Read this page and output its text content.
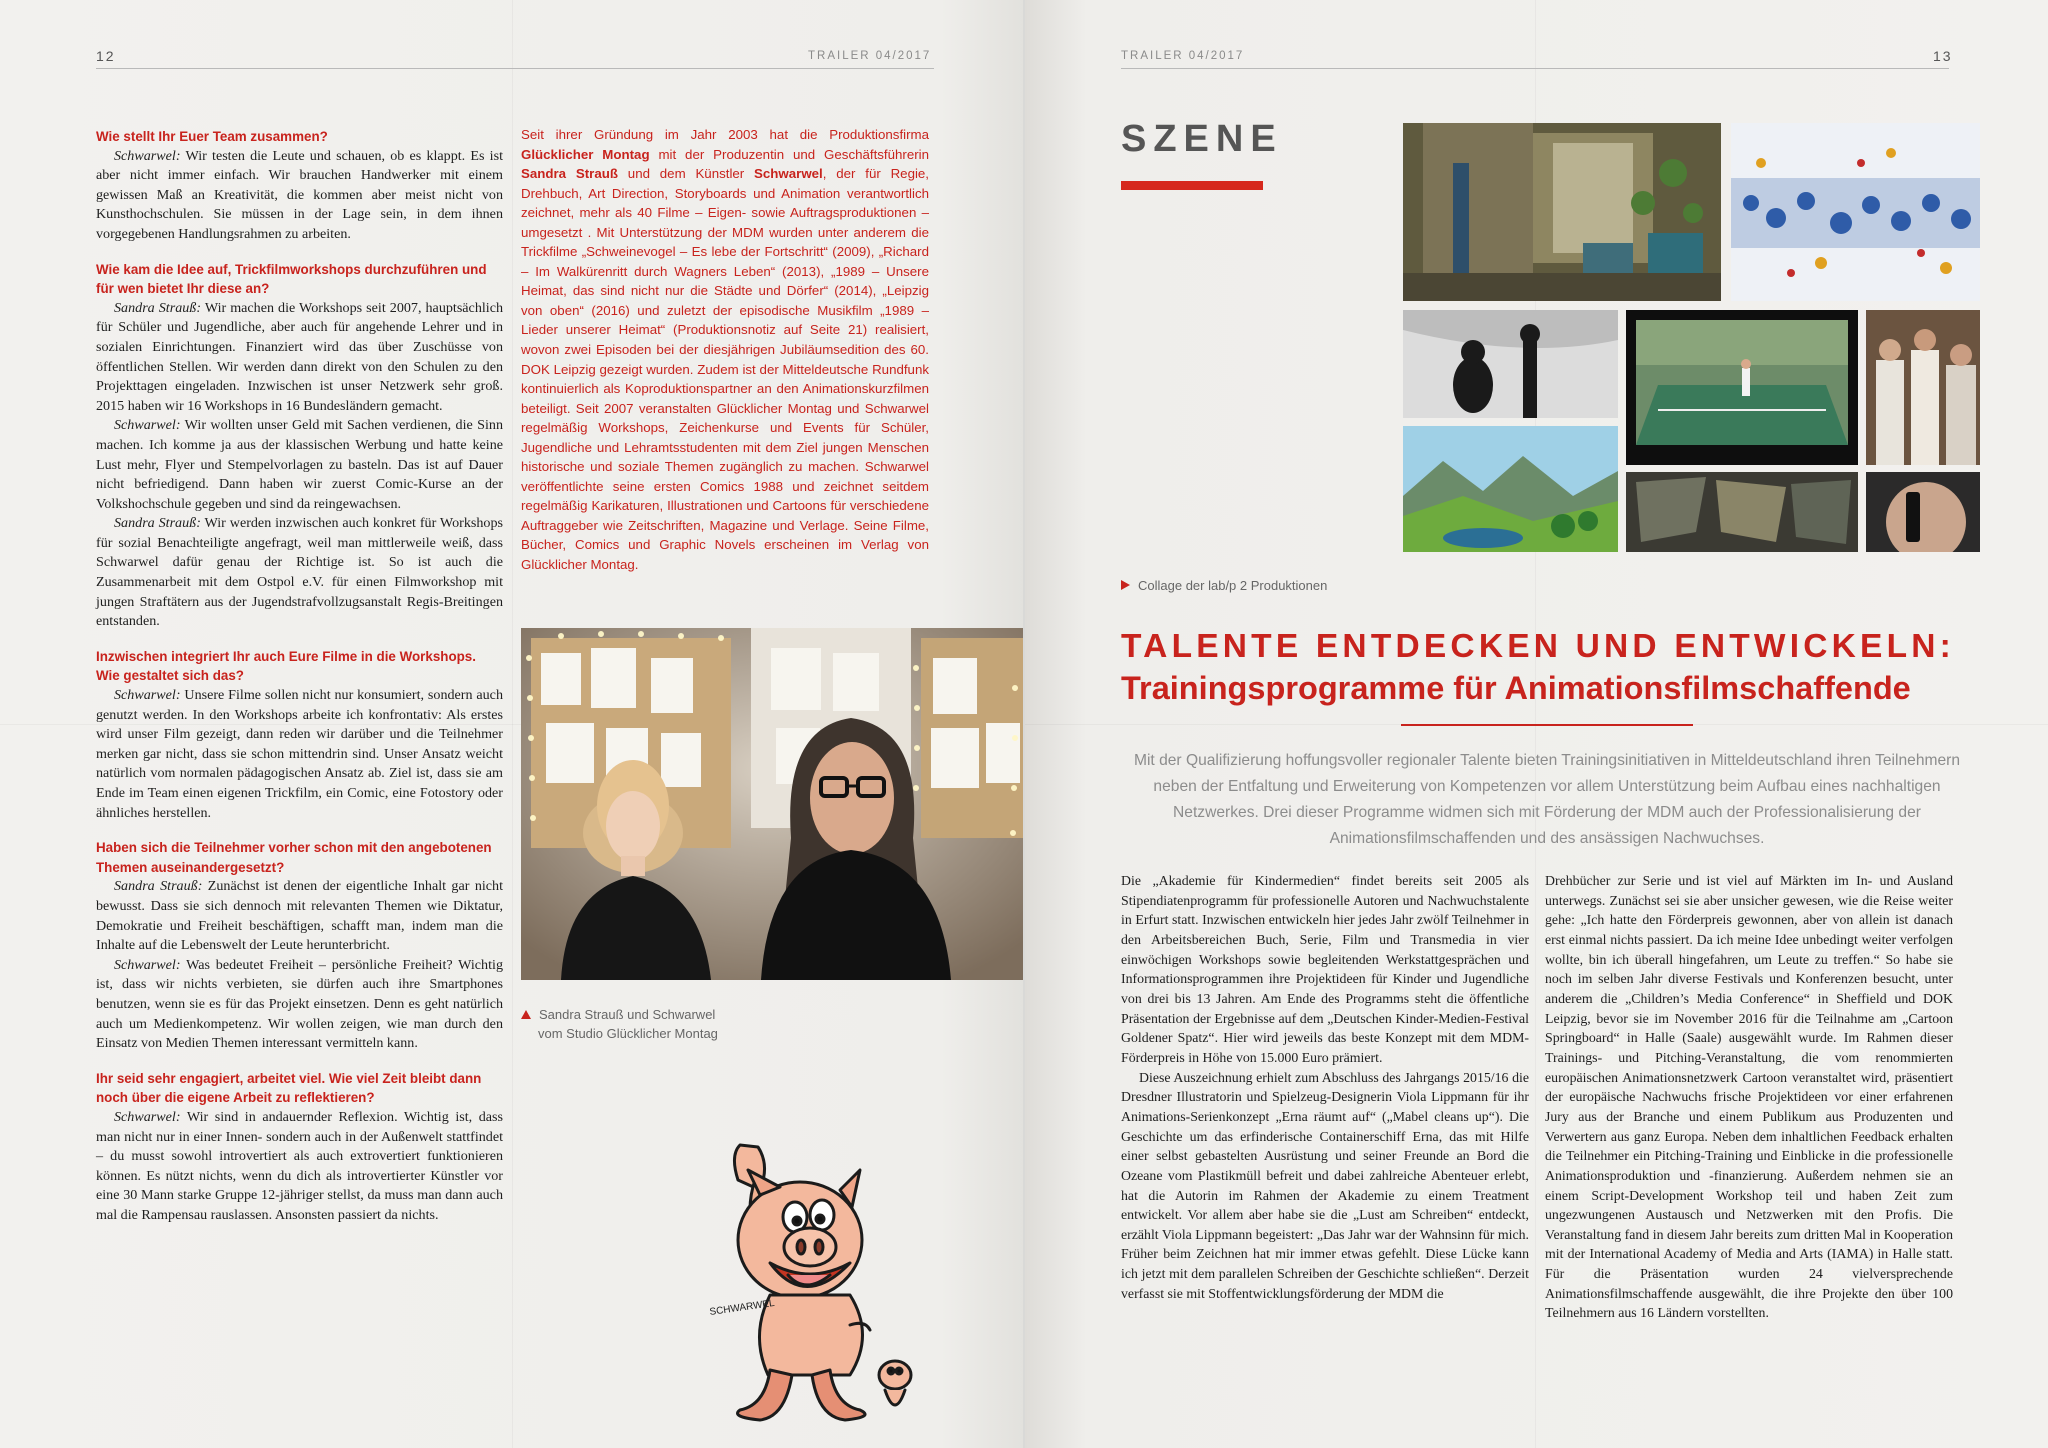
12	TRAILER 04/2017

Wie stellt Ihr Euer Team zusammen?

Schwarwel: Wir testen die Leute und schauen, ob es klappt. Es ist aber nicht immer einfach. Wir brauchen Handwerker mit einem gewissen Maß an Kreativität, die kommen aber meist nicht von Kunsthochschulen. Sie müssen in der Lage sein, in dem ihnen vorgegebenen Handlungsrahmen zu arbeiten.

Wie kam die Idee auf, Trickfilmworkshops durchzuführen und für wen bietet Ihr diese an?

Sandra Strauß: Wir machen die Workshops seit 2007, hauptsächlich für Schüler und Jugendliche, aber auch für angehende Lehrer und in sozialen Einrichtungen. Finanziert wird das über Zuschüsse von öffentlichen Stellen. Wir werden dann direkt von den Schulen zu den Projekttagen eingeladen. Inzwischen ist unser Netzwerk sehr groß. 2015 haben wir 16 Workshops in 16 Bundesländern gemacht.

Schwarwel: Wir wollten unser Geld mit Sachen verdienen, die Sinn machen. Ich komme ja aus der klassischen Werbung und hatte keine Lust mehr, Flyer und Stempelvorlagen zu basteln. Das ist auf Dauer nicht befriedigend. Dann haben wir zuerst Comic-Kurse an der Volkshochschule gegeben und sind da reingewachsen.

Sandra Strauß: Wir werden inzwischen auch konkret für Workshops für sozial Benachteiligte angefragt, weil man mittlerweile weiß, dass Schwarwel dafür genau der Richtige ist. So ist auch die Zusammenarbeit mit dem Ostpol e.V. für einen Filmworkshop mit jungen Straftätern aus der Jugendstrafvollzugsanstalt Regis-Breitingen entstanden.

Inzwischen integriert Ihr auch Eure Filme in die Workshops. Wie gestaltet sich das?

Schwarwel: Unsere Filme sollen nicht nur konsumiert, sondern auch genutzt werden. In den Workshops arbeite ich konfrontativ: Als erstes wird unser Film gezeigt, dann reden wir darüber und die Teilnehmer merken gar nicht, dass sie schon mittendrin sind. Unser Ansatz weicht natürlich vom normalen pädagogischen Ansatz ab. Ziel ist, dass sie am Ende im Team einen eigenen Trickfilm, ein Comic, eine Fotostory oder ähnliches herstellen.

Haben sich die Teilnehmer vorher schon mit den angebotenen Themen auseinandergesetzt?

Sandra Strauß: Zunächst ist denen der eigentliche Inhalt gar nicht bewusst. Dass sie sich dennoch mit relevanten Themen wie Diktatur, Demokratie und Freiheit beschäftigen, schafft man, indem man die Inhalte auf die Lebenswelt der Leute herunterbricht.

Schwarwel: Was bedeutet Freiheit – persönliche Freiheit? Wichtig ist, dass wir nichts verbieten, sie dürfen auch ihre Smartphones benutzen, wenn sie es für das Projekt einsetzen. Denn es geht natürlich auch um Medienkompetenz. Wir wollen zeigen, wie man durch den Einsatz von Medien Themen interessant vermitteln kann.

Ihr seid sehr engagiert, arbeitet viel. Wie viel Zeit bleibt dann noch über die eigene Arbeit zu reflektieren?

Schwarwel: Wir sind in andauernder Reflexion. Wichtig ist, dass man nicht nur in einer Innen- sondern auch in der Außenwelt stattfindet – du musst sowohl introvertiert als auch extrovertiert funktionieren können. Es nützt nichts, wenn du dich als introvertierter Künstler vor eine 30 Mann starke Gruppe 12-jähriger stellst, da muss man dann auch mal die Rampensau rauslassen. Ansonsten passiert da nichts.

Seit ihrer Gründung im Jahr 2003 hat die Produktionsfirma Glücklicher Montag mit der Produzentin und Geschäftsführerin Sandra Strauß und dem Künstler Schwarwel, der für Regie, Drehbuch, Art Direction, Storyboards und Animation verantwortlich zeichnet, mehr als 40 Filme – Eigen- sowie Auftragsproduktionen – umgesetzt . Mit Unterstützung der MDM wurden unter anderem die Trickfilme „Schweinevogel – Es lebe der Fortschritt“ (2009), „Richard – Im Walkürenritt durch Wagners Leben“ (2013), „1989 – Unsere Heimat, das sind nicht nur die Städte und Dörfer“ (2014), „Leipzig von oben“ (2016) und zuletzt der episodische Musikfilm „1989 – Lieder unserer Heimat“ (Produktionsnotiz auf Seite 21) realisiert, wovon zwei Episoden bei der diesjährigen Jubiläumsedition des 60. DOK Leipzig gezeigt wurden. Zudem ist der Mitteldeutsche Rundfunk kontinuierlich als Koproduktionspartner an den Animationskurzfilmen beteiligt. Seit 2007 veranstalten Glücklicher Montag und Schwarwel regelmäßig Workshops, Zeichenkurse und Events für Schüler, Jugendliche und Lehramtsstudenten mit dem Ziel jungen Menschen historische und soziale Themen zugänglich zu machen. Schwarwel veröffentlichte seine ersten Comics 1988 und zeichnet seitdem regelmäßig Karikaturen, Illustrationen und Cartoons für verschiedene Auftraggeber wie Zeitschriften, Magazine und Verlage. Seine Filme, Bücher, Comics und Graphic Novels erscheinen im Verlag von Glücklicher Montag.
Sandra Strauß und Schwarwel
vom Studio Glücklicher Montag
SCHWARWEL
TRAILER 04/2017	13
SZENE
Collage der lab/p 2 Produktionen
TALENTE ENTDECKEN UND ENTWICKELN:
Trainingsprogramme für Animationsfilmschaffende
Mit der Qualifizierung hoffungsvoller regionaler Talente bieten Trainingsinitiativen in Mitteldeutschland ihren Teilnehmern neben der Entfaltung und Erweiterung von Kompetenzen vor allem Unterstützung beim Aufbau eines nachhaltigen Netzwerkes. Drei dieser Programme widmen sich mit Förderung der MDM auch der Professionalisierung der Animationsfilmschaffenden und des ansässigen Nachwuchses.

Die „Akademie für Kindermedien“ findet bereits seit 2005 als Stipendiatenprogramm für professionelle Autoren und Nachwuchstalente in Erfurt statt. Inzwischen entwickeln hier jedes Jahr zwölf Teilnehmer in den Arbeitsbereichen Buch, Serie, Film und Transmedia in vier einwöchigen Workshops sowie begleitenden Werkstattgesprächen und Informationsprogrammen ihre Projektideen für Kinder und Jugendliche von drei bis 13 Jahren. Am Ende des Programms steht die öffentliche Präsentation der Ergebnisse auf dem „Deutschen Kinder-Medien-Festival Goldener Spatz“. Hier wird jeweils das beste Konzept mit dem MDM-Förderpreis in Höhe von 15.000 Euro prämiert.

Diese Auszeichnung erhielt zum Abschluss des Jahrgangs 2015/16 die Dresdner Illustratorin und Spielzeug-Designerin Viola Lippmann für ihr Animations-Serienkonzept „Erna räumt auf“ („Mabel cleans up“). Die Geschichte um das erfinderische Containerschiff Erna, das mit Hilfe einer selbst gebastelten Ausrüstung und seiner Freunde an Bord die Ozeane vom Plastikmüll befreit und dabei zahlreiche Abenteuer erlebt, hat die Autorin im Rahmen der Akademie zu einem Treatment entwickelt. Vor allem aber habe sie die „Lust am Schreiben“ entdeckt, erzählt Viola Lippmann begeistert: „Das Jahr war der Wahnsinn für mich. Früher beim Zeichnen hat mir immer etwas gefehlt. Diese Lücke kann ich jetzt mit dem parallelen Schreiben der Geschichte schließen“. Derzeit verfasst sie mit Stoffentwicklungsförderung der MDM die

Drehbücher zur Serie und ist viel auf Märkten im In- und Ausland unterwegs. Zunächst sei sie aber unsicher gewesen, wie die Reise weiter gehe: „Ich hatte den Förderpreis gewonnen, aber von allein ist danach erst einmal nichts passiert. Da ich meine Idee unbedingt weiter verfolgen wollte, bin ich überall hingefahren, um Leute zu treffen.“ So habe sie noch im selben Jahr diverse Festivals und Konferenzen besucht, unter anderem die „Children’s Media Conference“ in Sheffield und DOK Leipzig, bevor sie im November 2016 für die Teilnahme am „Cartoon Springboard“ in Halle (Saale) ausgewählt wurde. Im Rahmen dieser Trainings- und Pitching-Veranstaltung, die vom renommierten europäischen Animationsnetzwerk Cartoon veranstaltet wird, präsentiert der europäische Nachwuchs frische Projektideen vor einer erfahrenen Jury aus der Branche und einem Publikum aus Produzenten und Verwertern aus ganz Europa. Neben dem inhaltlichen Feedback erhalten die Teilnehmer ein Pitching-Training und Einblicke in die professionelle Animationsproduktion und -finanzierung. Außerdem nehmen sie an einem Script-Development Workshop teil und haben Zeit zum ungezwungenen Austausch und Netzwerken mit den Profis. Die Veranstaltung fand in diesem Jahr bereits zum dritten Mal in Kooperation mit der International Academy of Media and Arts (IAMA) in Halle statt. Für die Präsentation wurden 24 vielversprechende Animationsfilmschaffende ausgewählt, die ihre Projekte den über 100 Teilnehmern aus 16 Ländern vorstellten.
